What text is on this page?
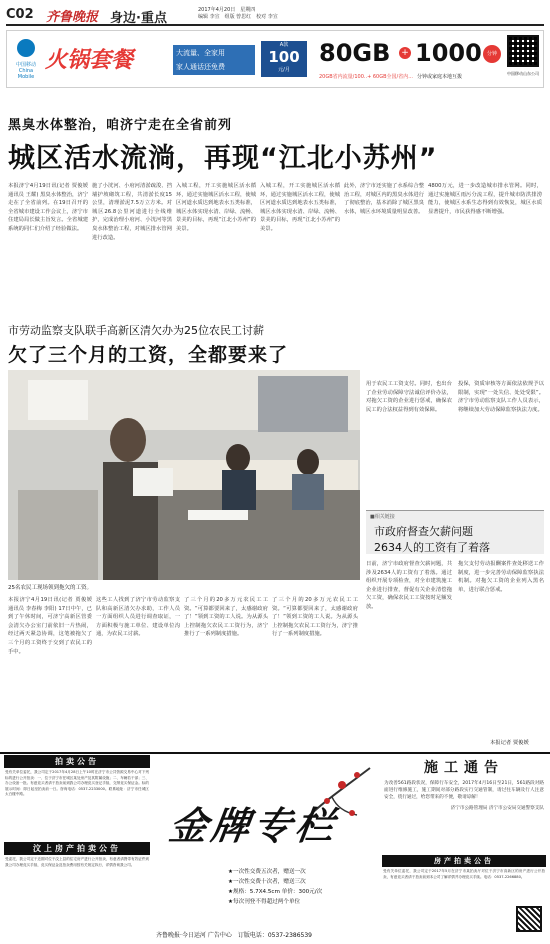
C02 齐鲁晚报 身边·重点
2017年4月20日　星期四
编辑 李宣　组版 曾思红　校对 李宣
中国移动 China Mobile
火锅套餐	大流量、全家用
家人通话还免费
A款
100
元/月
80GB + 1000	分钟
20GB省内流量/100..+ 60GB全国/省内... 分钟或家庭本地互拨
中国移动山东公司
黑臭水体整治，咱济宁走在全省前列
城区活水流淌，再现“江北小苏州”
本报济宁4月19日讯(记者 贾俊媛 通讯员 王耀) 黑臭水体整治，济宁走在了全省前列。在19日召开的全省城市建设工作会议上，济宁市住建局局长做主旨发言。全省城建系统的同仁们介绍了经验做法。
施了小洸河、小府河清淤疏浚、挡墙护坡砌筑工程，共清淤长度15公里，清理淤泥7.5万立方米。对城区26.8公里河道进行全线维护，完成治理小府河、小洸河等黑臭水体整治工程，对城区排水管网进行改造。
入城工程，开工实施城区活水循环，通过实施城区活水工程，使城区河道水质达到地表水五类标准，城区水体实现水清、岸绿、流畅、景美的目标，再现“江北小苏州”的美景。
入城工程，开工实施城区活水循环，通过实施城区活水工程，使城区河道水质达到地表水五类标准，城区水体实现水清、岸绿、流畅、景美的目标，再现“江北小苏州”的美景。
此外，济宁市还实施了水系综合整治工程，对城区内的黑臭水体进行了彻底整治，基本消除了城区黑臭水体，城区水环境质量明显改善。
4800万元，进一步改造城市排水管网。同时，通过实施城区雨污分流工程，提升城市防洪排涝能力，使城区水系生态得到有效恢复，城区水质显著提升，市民获得感不断增强。
市劳动监察支队联手高新区清欠办为25位农民工讨薪
欠了三个月的工资，全都要来了
25名农民工现场领到拖欠的工资。
用于农民工工资支付。同时，也出台了企业劳动保障守法诚信评价办法，对拖欠工资的企业进行惩戒，确保农民工的合法权益得到有效保障。
投保，资质审核等方面依法依规予以限制，实现“一处失信、处处受限”。济宁市劳动监察支队工作人员表示，将继续加大劳动保障监察执法力度。
■相关链接
市政府督查欠薪问题
2634人的工资有了着落
本报济宁4月19日讯(记者 贾俊媛 通讯员 李春梅 李阳) 17日中午，已到了午休时间，可济宁高新区管委会清欠办公室门前依旧一片热闹，经过两天紧急协调，这笔被拖欠了三个月的工资终于交到了农民工的手中。
这些工人找到了济宁市劳动监察支队和高新区清欠办求助，工作人员一方面组织人员进行调查取证，一方面积极与施工单位、建设单位沟通，为农民工讨薪。
了三个月的20多万元农民工工资。“可算都要回来了，太感谢政府了！”领到工资的工人说。为从源头上控制拖欠农民工工资行为，济宁推行了一系列制度措施。
了三个月的20多万元农民工工资。“可算都要回来了，太感谢政府了！”领到工资的工人说。为从源头上控制拖欠农民工工资行为，济宁推行了一系列制度措施。
日前，济宁市政府督查欠薪问题，共涉及2634人的工资有了着落。通过组织开展专项检查，对全市建筑施工企业进行排查，督促有关企业清偿拖欠工资，确保农民工工资按时足额发放。
拖欠支付劳动报酬案件查处移送工作制度，进一步完善劳动保障监察执法机制。对拖欠工资的企业列入黑名单，进行联合惩戒。
本报记者 贾俊媛
拍卖公告
受有关单位委托，我公司定于2017年4月28日上午10时在济宁市公共资源交易中心对下列标的进行公开拍卖：一、位于济宁市任城区某处房产及其附属设施；二、车辆若干部；三、办公设备一批。有意竞买者请于拍卖前到我公司办理竞买登记手续，交纳竞买保证金。标的展示时间：即日起至拍卖前一日。咨询电话：0537-2233000。联系地址：济宁市任城区太白楼中路。
汶上房产拍卖公告
受委托，我公司定于近期对位于汶上县的住宅房产进行公开拍卖，有意者请携带有效证件到我公司办理竞买手续，竞买保证金及拍卖费用按有关规定执行，详情咨询我公司。
金牌专栏
★一次性交费五次者，赠送一次
★一次性交费十次者，赠送三次
★规格：5.7X4.5cm 单价：300元/次
★每次刊登不得超过两个单位
齐鲁晚报·今日运河 广告中心　订版电话：0537-2386539
施工通告
为改善561路段状况，保障行车安全，2017年4月16日至21日，561路段对路面进行维修施工，施工期间对部分路段实行交通管制，请过往车辆及行人注意安全，绕行通过，给您带来的不便，敬请谅解！
济宁市公路管理局 济宁市公安局交通警察支队
房产拍卖公告
受有关单位委托，我公司定于2017年5月在济宁市某拍卖厅对位于济宁市高新区的房产进行公开拍卖，有意竞买者请于拍卖前到本公司了解详情并办理竞买手续。电话：0537-2266880。
